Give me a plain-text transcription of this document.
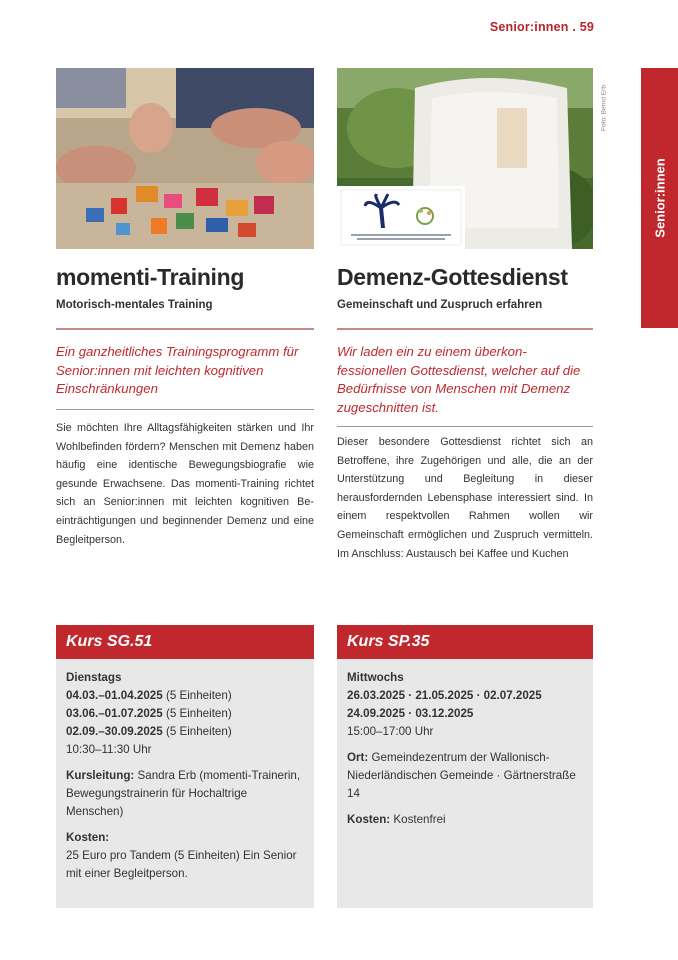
Senior:innen . 59
Senior:innen
Foto: Bernd Erb
momenti-Training
Motorisch-mentales Training
Ein ganzheitliches Trainingsprogramm für Senior:innen mit leichten kognitiven Einschränkungen
Sie möchten Ihre Alltagsfähigkeiten stärken und Ihr Wohlbefinden fördern? Menschen mit Demenz haben häufig eine identische Bewegungsbiografie wie gesunde Erwachsene. Das momenti-Training richtet sich an Senior:innen mit leichten kognitiven Beeinträchtigungen und beginnender Demenz und eine Begleitperson.
Demenz-Gottesdienst
Gemeinschaft und Zuspruch erfahren
Wir laden ein zu einem überkonfessionellen Gottesdienst, welcher auf die Bedürfnisse von Menschen mit Demenz zugeschnitten ist.
Dieser besondere Gottesdienst richtet sich an Betroffene, ihre Zugehörigen und alle, die an der Unterstützung und Begleitung in dieser herausfordernden Lebensphase interessiert sind. In einem respektvollen Rahmen wollen wir Gemeinschaft ermöglichen und Zuspruch vermitteln. Im Anschluss: Austausch bei Kaffee und Kuchen
Kurs SG.51
Dienstags
04.03.–01.04.2025 (5 Einheiten)
03.06.–01.07.2025 (5 Einheiten)
02.09.–30.09.2025 (5 Einheiten)
10:30–11:30 Uhr
Kursleitung: Sandra Erb (momenti-Trainerin, Bewegungstrainerin für Hochaltrige Menschen)
Kosten:
25 Euro pro Tandem (5 Einheiten) Ein Senior mit einer Begleitperson.
Kurs SP.35
Mittwochs
26.03.2025 · 21.05.2025 · 02.07.2025
24.09.2025 · 03.12.2025
15:00–17:00 Uhr
Ort: Gemeindezentrum der Wallonisch-Niederländischen Gemeinde · Gärtnerstraße 14
Kosten: Kostenfrei
